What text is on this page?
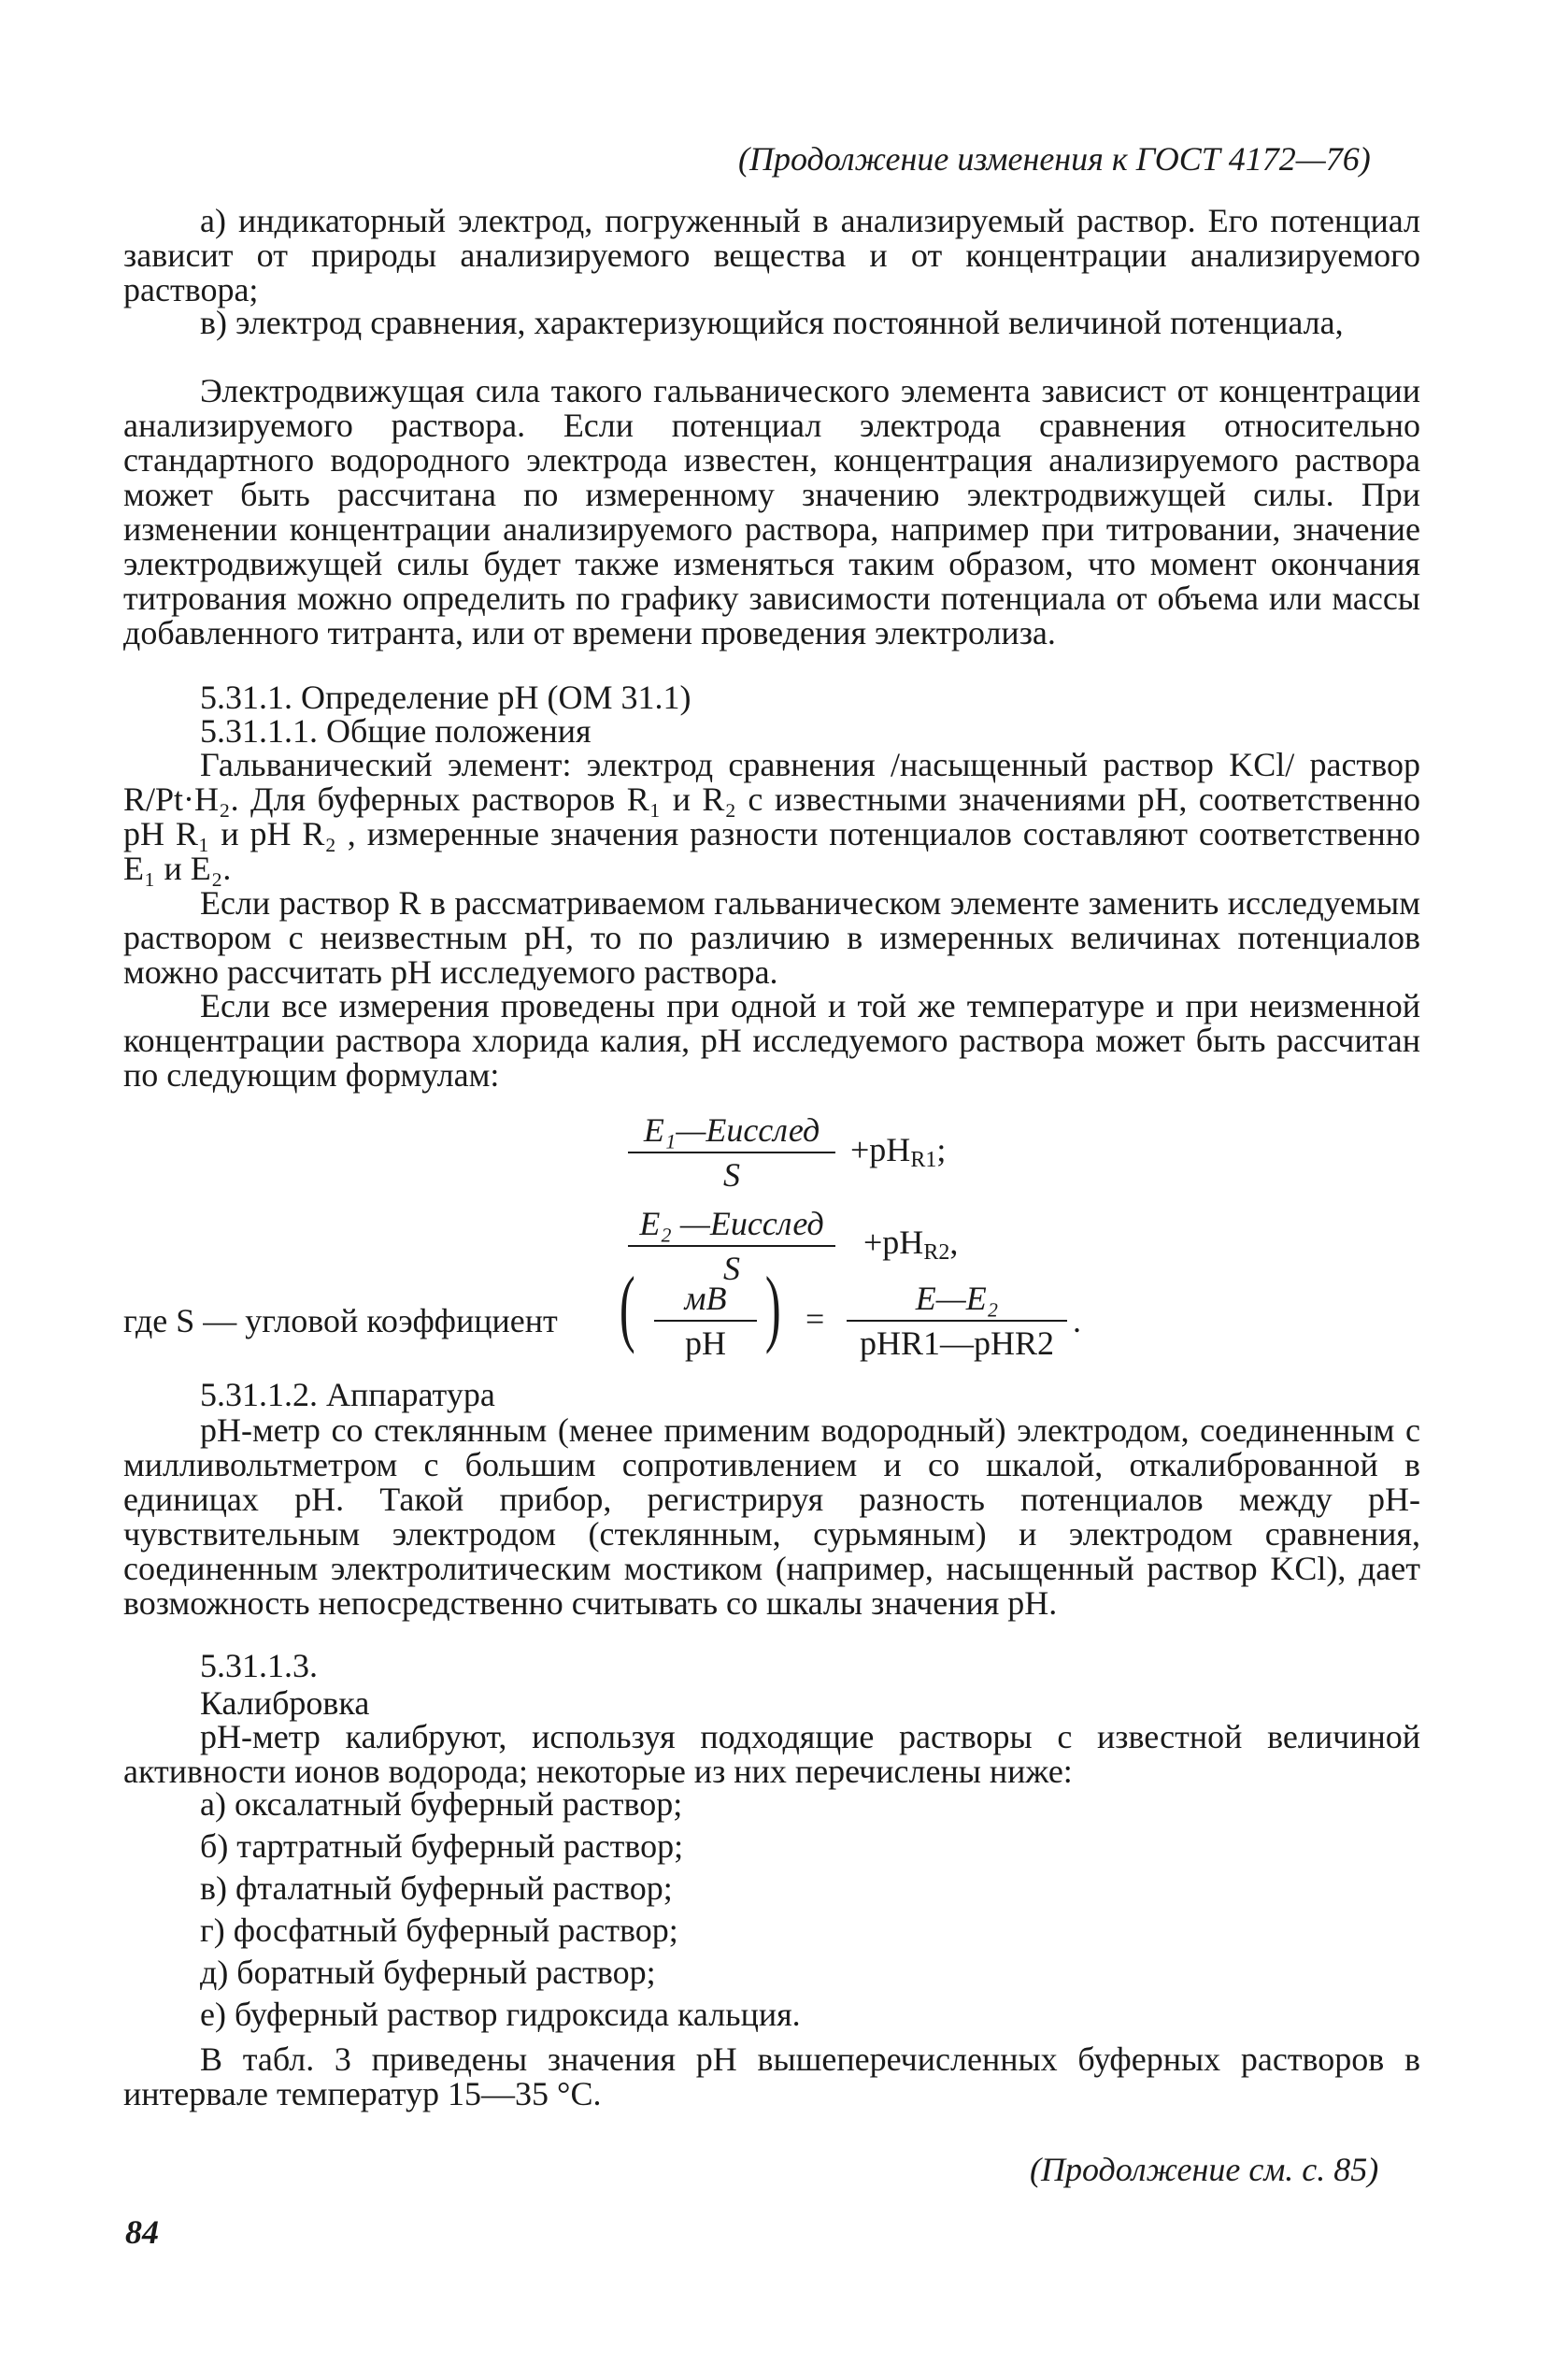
(Продолжение изменения к ГОСТ 4172—76)

а) индикаторный электрод, погруженный в анализируемый раствор. Его потенциал зависит от природы анализируемого вещества и от концентрации анализируемого раствора;

в) электрод сравнения, характеризующийся постоянной величиной потенциала,

Электродвижущая сила такого гальванического элемента зависист от концентрации анализируемого раствора. Если потенциал электрода сравнения относительно стандартного водородного электрода известен, концентрация анализируемого раствора может быть рассчитана по измеренному значению электродвижущей силы. При изменении концентрации анализируемого раствора, например при титровании, значение электродвижущей силы будет также изменяться таким образом, что момент окончания титрования можно определить по графику зависимости потенциала от объема или массы добавленного титранта, или от времени проведения электролиза.

5.31.1. Определение рН (ОМ 31.1)

5.31.1.1. Общие положения

Гальванический элемент: электрод сравнения /насыщенный раствор KCl/ раствор R/Pt·H₂. Для буферных растворов R₁ и R₂ с известными значениями рН, соответственно pH R₁ и pH R₂ , измеренные значения разности потенциалов составляют соответственно E₁ и E₂.

Если раствор R в рассматриваемом гальваническом элементе заменить исследуемым раствором с неизвестным рН, то по различию в измеренных величинах потенциалов можно рассчитать рН исследуемого раствора.

Если все измерения проведены при одной и той же температуре и при неизменной концентрации раствора хлорида калия, рН исследуемого раствора может быть рассчитан по следующим формулам:

E₁—Eисслед
S

$+pH_{R1}$;

E₂ —Eисслед
S

$+pH_{R2}$,

где S — угловой коэффициент (	мВ
pH ) =

E—E₂
pHR1—pHR2

.

5.31.1.2. Аппаратура

рН-метр со стеклянным (менее применим водородный) электродом, соединенным с милливольтметром с большим сопротивлением и со шкалой, откалиброванной в единицах рН. Такой прибор, регистрируя разность потенциалов между рН-чувствительным электродом (стеклянным, сурьмяным) и электродом сравнения, соединенным электролитическим мостиком (например, насыщенный раствор KCl), дает возможность непосредственно считывать со шкалы значения рН.

5.31.1.3.

Калибровка

рН-метр калибруют, используя подходящие растворы с известной величиной активности ионов водорода; некоторые из них перечислены ниже:

а) оксалатный буферный раствор;

б) тартратный буферный раствор;

в) фталатный буферный раствор;

г) фосфатный буферный раствор;

д) боратный буферный раствор;

е) буферный раствор гидроксида кальция.

В табл. 3 приведены значения рН вышеперечисленных буферных растворов в интервале температур 15—35 °С.

(Продолжение см. с. 85)

84
